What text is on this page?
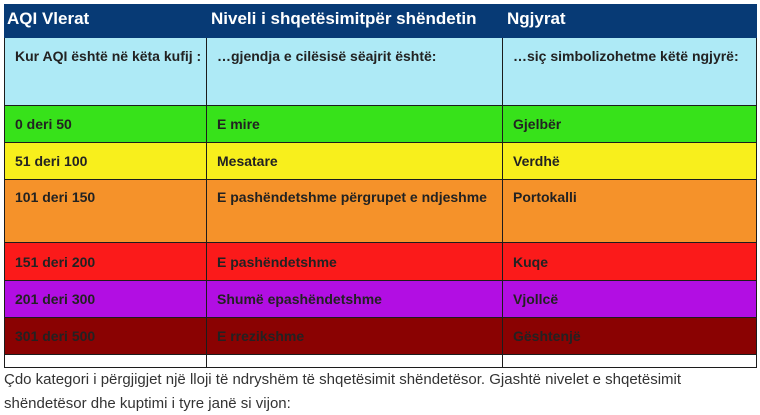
AQI Vlerat	Niveli i shqetësimitpër shëndetin	Ngjyrat
Kur AQI është në këta kufij :	…gjendja e cilësisë sëajrit është:	…siç simbolizohetme këtë ngjyrë:
0 deri 50	E mire	Gjelbër
51 deri 100	Mesatare	Verdhë
101 deri 150	E pashëndetshme përgrupet e ndjeshme	Portokalli
151 deri 200	E pashëndetshme	Kuqe
201 deri 300	Shumë epashëndetshme	Vjollcë
301 deri 500	E rrezikshme	Gështenjë

Çdo kategori i përgjigjet një lloji të ndryshëm të shqetësimit shëndetësor. Gjashtë nivelet e shqetësimit shëndetësor dhe kuptimi i tyre janë si vijon:
